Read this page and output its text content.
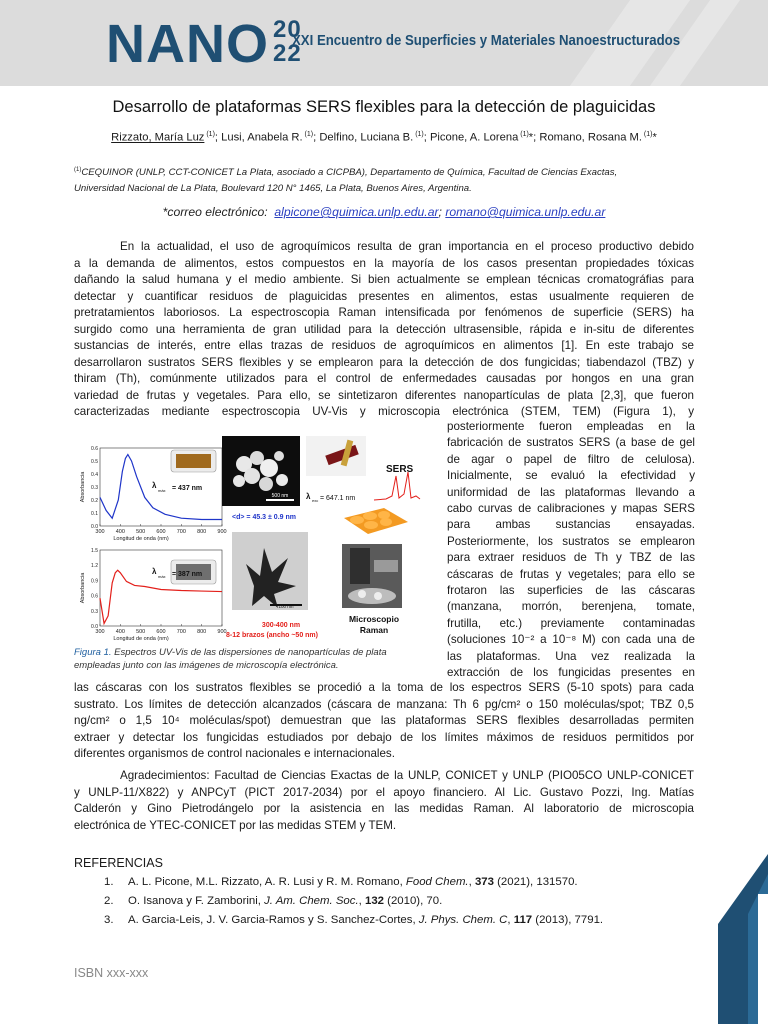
NANO 20
22
XXI Encuentro de Superficies y Materiales Nanoestructurados
Desarrollo de plataformas SERS flexibles para la detección de plaguicidas
Rizzato, María Luz $^{(1)}$; Lusi, Anabela R. $^{(1)}$; Delfino, Luciana B. $^{(1)}$; Picone, A. Lorena $^{(1)}$*; Romano, Rosana M. $^{(1)}$*
$^{(1)}$CEQUINOR (UNLP, CCT-CONICET La Plata, asociado a CICPBA), Departamento de Química, Facultad de Ciencias Exactas,
Universidad Nacional de La Plata, Boulevard 120 N° 1465, La Plata, Buenos Aires, Argentina.
*correo electrónico: alpicone@quimica.unlp.edu.ar; romano@quimica.unlp.edu.ar
En la actualidad, el uso de agroquímicos resulta de gran importancia en el proceso productivo debido
a la demanda de alimentos, estos compuestos en la mayoría de los casos presentan propiedades tóxicas
dañando la salud humana y el medio ambiente. Si bien actualmente se emplean técnicas cromatográfias para
detectar y cuantificar residuos de plaguicidas presentes en alimentos, estas usualmente requieren de
pretratamientos laboriosos. La espectroscopia Raman intensificada por fenómenos de superficie (SERS) ha
surgido como una herramienta de gran utilidad para la detección ultrasensible, rápida e in-situ de diferentes
sustancias de interés, entre ellas trazas de residuos de agroquímicos en alimentos [1]. En este trabajo se
desarrollaron sustratos SERS flexibles y se emplearon para la detección de dos fungicidas; tiabendazol (TBZ) y
thiram (Th), comúnmente utilizados para el control de enfermedades causadas por hongos en una gran
variedad de frutas y vegetales. Para ello, se sintetizaron diferentes nanopartículas de plata [2,3], que fueron
caracterizadas mediante espectroscopia UV-Vis y microscopia electrónica (STEM, TEM) (Figura 1), y
300 400 500 600 700 800 900
0.0
0.1
0.2
0.3
0.4
0.5
0.6
Longitud de onda (nm)
Absorbancia
300 400 500 600 700 800 900
0.0
0.3
0.6
0.9
1.2
1.5
Longitud de onda (nm)
Absorbancia
500 nm
SERS
λ exc = 647.1 nm
100 nm
Microscopio
Raman
λ
máx = 437 nm
<d> = 45.3 ± 0.9 nm
λ
máx = 387 nm
300-400 nm
8-12 brazos (ancho ~50 nm)
Figura 1. Espectros UV-Vis de las dispersiones de nanopartículas de plata
empleadas junto con las imágenes de microscopía electrónica.
posteriormente fueron empleadas en la
fabricación de sustratos SERS (a base de gel
de agar o papel de filtro de celulosa).
Inicialmente, se evaluó la efectividad y
uniformidad de las plataformas llevando a
cabo curvas de calibraciones y mapas SERS
para ambas sustancias ensayadas.
Posteriormente, los sustratos se emplearon
para extraer residuos de Th y TBZ de las
cáscaras de frutas y vegetales; para ello se
frotaron las superficies de las cáscaras
(manzana, morrón, berenjena, tomate,
frutilla, etc.) previamente contaminadas
(soluciones 10⁻² a 10⁻⁸ M) con cada una de
las plataformas. Una vez realizada la
extracción de los fungicidas presentes en
las cáscaras con los sustratos flexibles se procedió a la toma de los espectros SERS (5-10 spots) para cada
sustrato. Los límites de detección alcanzados (cáscara de manzana: Th 6 pg/cm² o 150 moléculas/spot; TBZ 0,5
ng/cm² o 1,5 10⁴ moléculas/spot) demuestran que las plataformas SERS flexibles desarrolladas permiten
extraer y detectar los fungicidas estudiados por debajo de los límites máximos de residuos permitidos por
diferentes organismos de control nacionales e internacionales.
Agradecimientos: Facultad de Ciencias Exactas de la UNLP, CONICET y UNLP (PIO05CO UNLP-CONICET
y UNLP-11/X822) y ANPCyT (PICT 2017-2034) por el apoyo financiero. Al Lic. Gustavo Pozzi, Ing. Matías
Calderón y Gino Pietrodángelo por la asistencia en las medidas Raman. Al laboratorio de microscopia
electrónica de YTEC-CONICET por las medidas STEM y TEM.
REFERENCIAS
1.	A. L. Picone, M.L. Rizzato, A. R. Lusi y R. M. Romano, Food Chem., 373 (2021), 131570.
2.	O. Isanova y F. Zamborini, J. Am. Chem. Soc., 132 (2010), 70.
3.	A. Garcia-Leis, J. V. Garcia-Ramos y S. Sanchez-Cortes, J. Phys. Chem. C, 117 (2013), 7791.
ISBN xxx-xxx
